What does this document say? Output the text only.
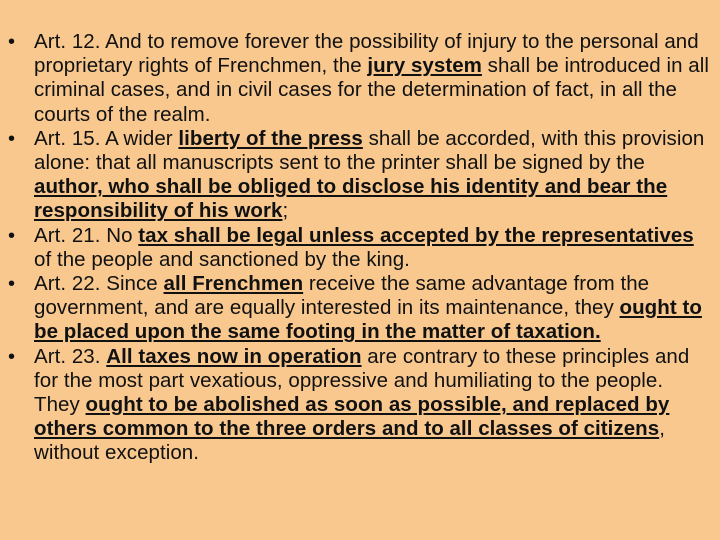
• Art. 12. And to remove forever the possibility of injury to the personal and proprietary rights of Frenchmen, the jury system shall be introduced in all criminal cases, and in civil cases for the determination of fact, in all the courts of the realm.
• Art. 15. A wider liberty of the press shall be accorded, with this provision alone: that all manuscripts sent to the printer shall be signed by the author, who shall be obliged to disclose his identity and bear the responsibility of his work;
• Art. 21. No tax shall be legal unless accepted by the representatives of the people and sanctioned by the king.
• Art. 22. Since all Frenchmen receive the same advantage from the government, and are equally interested in its maintenance, they ought to be placed upon the same footing in the matter of taxation.
• Art. 23. All taxes now in operation are contrary to these principles and for the most part vexatious, oppressive and humiliating to the people. They ought to be abolished as soon as possible, and replaced by others common to the three orders and to all classes of citizens, without exception.
